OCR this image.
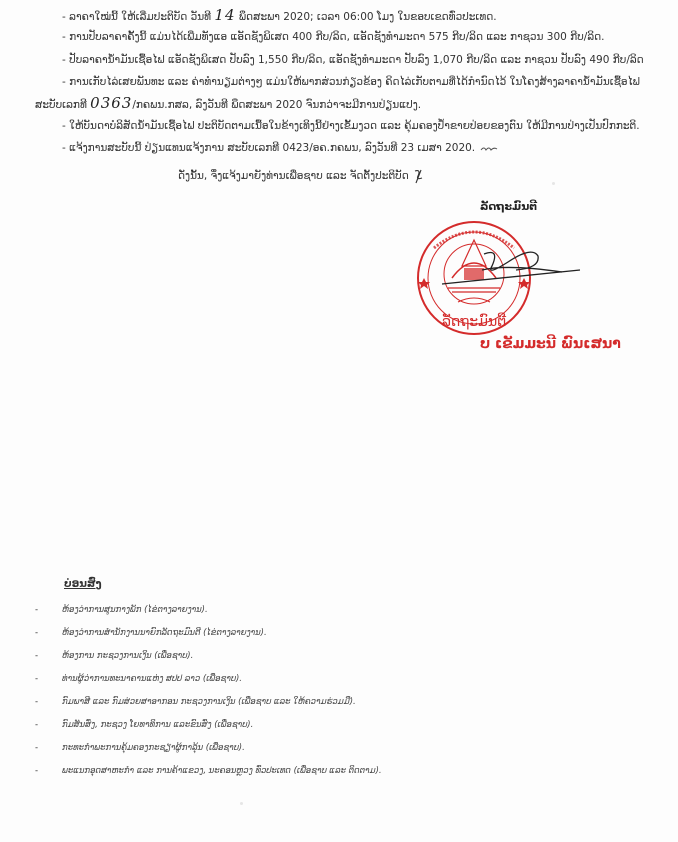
- ລາຄາໃໝ່ນີ້ ໃຫ້ເລີ່ມປະຕິບັດ ວັນທີ 14 ພຶດສະພາ 2020; ເວລາ 06:00 ໂມງ ໃນຂອບເຂດທົ່ວປະເທດ.
- ການປັບລາຄາຄັ້ງນີ້ ແມ່ນໄດ້ເພີ່ມທັງແອ ແອັດຊັງພິເສດ 400 ກີບ/ລິດ, ແອັດຊັງທໍາມະດາ 575 ກີບ/ລິດ ແລະ ກາຊວນ 300 ກີບ/ລິດ.
- ປັບລາຄານໍ້າມັນເຊື້ອໄຟ ແອັດຊັງພິເສດ ປັບລົງ 1,550 ກີບ/ລິດ, ແອັດຊັງທໍາມະດາ ປັບລົງ 1,070 ກີບ/ລິດ ແລະ ກາຊວນ ປັບລົງ 490 ກີບ/ລິດ
- ການເກັບໄລ່ເສຍພັນທະ ແລະ ຄ່າທໍານຽມຕ່າງໆ ແມ່ນໃຫ້ພາກສ່ວນກ່ຽວຂ້ອງ ຄິດໄລ່ເກັບຕາມທີ່ໄດ້ກໍານົດໄວ້ ໃນໂຄງສ້າງລາຄານໍ້າມັນເຊື້ອໄຟ
ສະບັບເລກທີ 0363/ກຄພນ.ກສລ, ລົງວັນທີ ພຶດສະພາ 2020 ຈົນກວ່າຈະມີການປ່ຽນແປງ.
- ໃຫ້ບັນດາບໍລິສັດນໍ້າມັນເຊື້ອໄຟ ປະຕິບັດຕາມເນື້ອໃນຂ້າງເທິງນີ້ຢ່າງເຂັ້ມງວດ ແລະ ຄຸ້ມຄອງປໍ້າຂາຍປ່ອຍຂອງຕົນ ໃຫ້ມີການປ່າງເປັນປົກກະຕິ.
- ແຈ້ງການສະບັບນີ້ ປ່ຽນແທນແຈ້ງການ ສະບັບເລກທີ 0423/ອຄ.ກຄພນ, ລົງວັນທີ 23 ເມສາ 2020.
ດັ່ງນັ້ນ, ຈຶ່ງແຈ້ງມາຍັງທ່ານເພື່ອຊາບ ແລະ ຈັດຕັ້ງປະຕິບັດ
ລັດຖະມົນຕີ
ລັດຖະມົນຕີ
ບ ເຂັມມະນີ ພົນເສນາ
ບ່ອນສົ່ງ
-	ຫ້ອງວ່າການສູນກາງພັກ (ໄຂ່ຕາງລາຍງານ).
-	ຫ້ອງວ່າການສໍານັກງານນາຍົກລັດຖະມົນຕີ (ໄຂ່ຕາງລາຍງານ).
-	ຫ້ອງການ ກະຊວງການເງິນ (ເພື່ອຊາບ).
-	ທ່ານຜູ້ວ່າການທະນາຄານແຫ່ງ ສປປ ລາວ (ເພື່ອຊາບ).
-	ກົມພາສີ ແລະ ກົມສ່ວຍສາອາກອນ ກະຊວງການເງິນ (ເພື່ອຊາບ ແລະ ໃຫ້ຄວາມຮ່ວມມື).
-	ກົມສັນສົ່ງ, ກະຊວງ ໂຍທາທິການ ແລະຂົນສົ່ງ (ເພື່ອຊາບ).
-	ກະທະກຳພະການຄຸ້ມຄອງກະຊຽາຜູ້ກາລຸ້ນ (ເພື່ອຊາບ).
-	ພະແນກອຸດສາຫະກຳ ແລະ ການຄ້າແຂວງ, ນະຄອນຫຼວງ ທົ່ວປະເທດ (ເພື່ອຊາບ ແລະ ຕິດຕາມ).
